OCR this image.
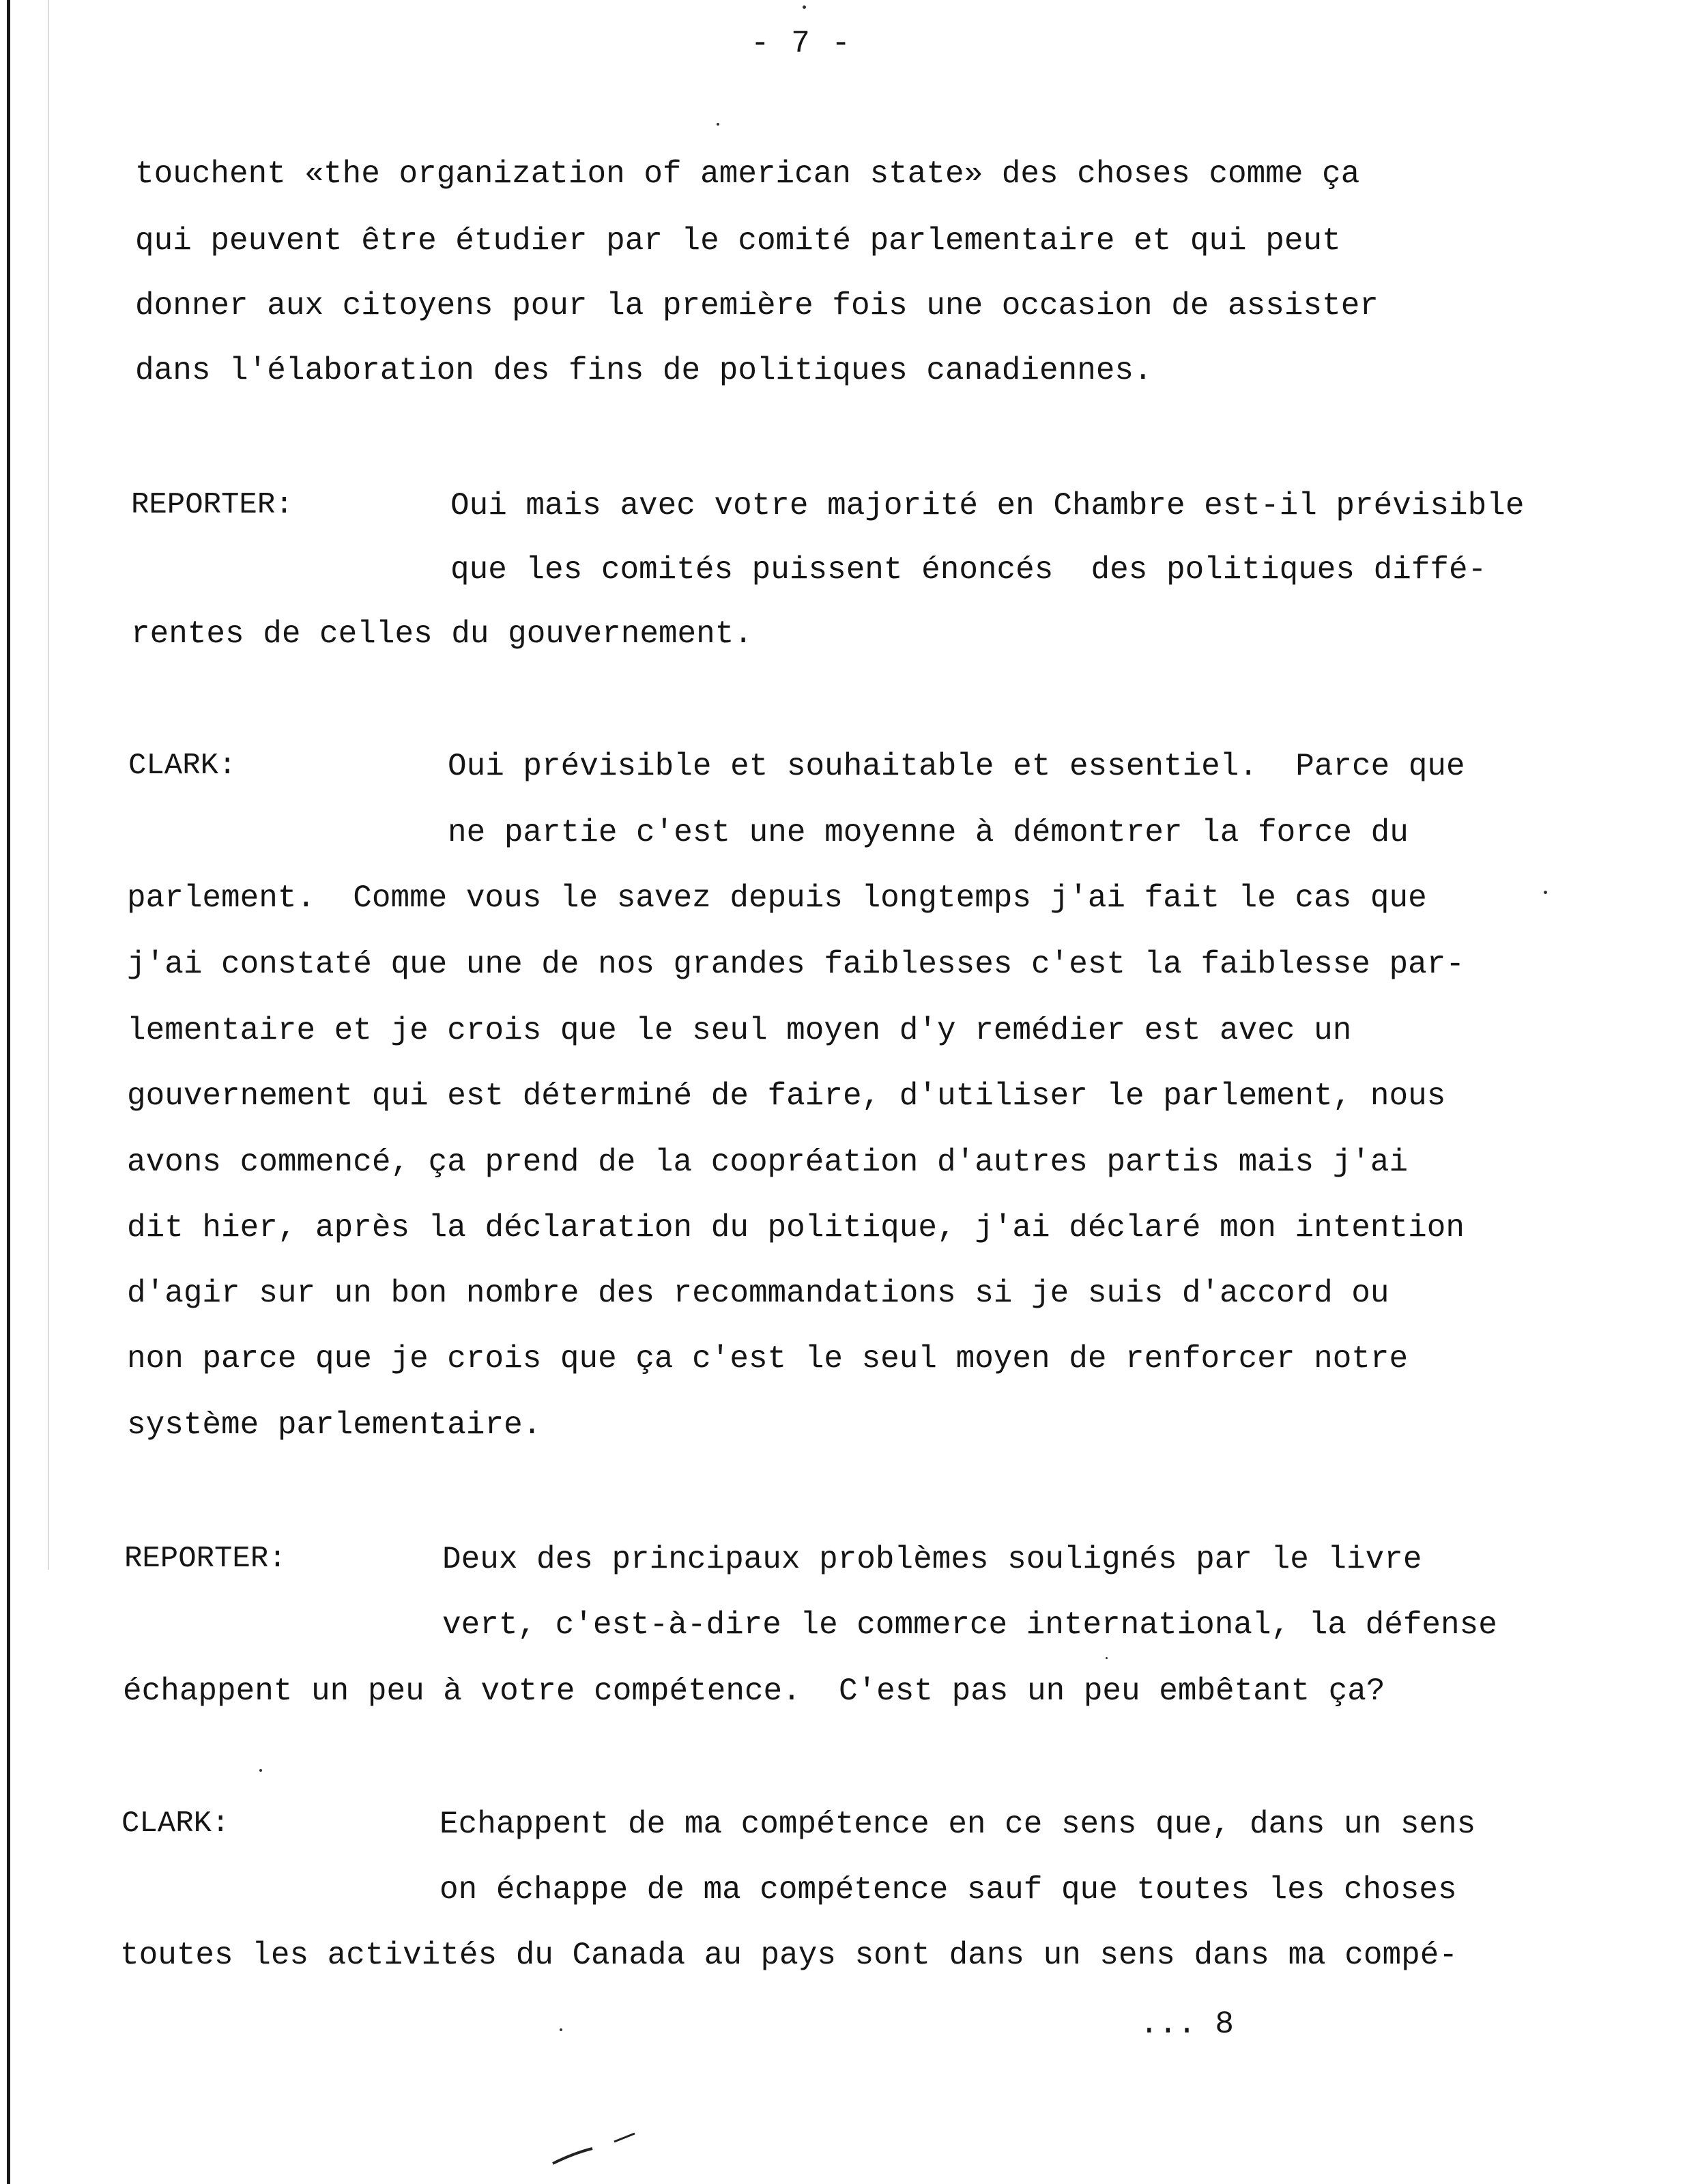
- 7 -
touchent «the organization of american state» des choses comme ça
qui peuvent être étudier par le comité parlementaire et qui peut
donner aux citoyens pour la première fois une occasion de assister
dans l'élaboration des fins de politiques canadiennes.
REPORTER:	Oui mais avec votre majorité en Chambre est-il prévisible
que les comités puissent énoncés  des politiques diffé-
rentes de celles du gouvernement.
CLARK:	Oui prévisible et souhaitable et essentiel.  Parce que
ne partie c'est une moyenne à démontrer la force du
parlement.  Comme vous le savez depuis longtemps j'ai fait le cas que
j'ai constaté que une de nos grandes faiblesses c'est la faiblesse par-
lementaire et je crois que le seul moyen d'y remédier est avec un
gouvernement qui est déterminé de faire, d'utiliser le parlement, nous
avons commencé, ça prend de la coopréation d'autres partis mais j'ai
dit hier, après la déclaration du politique, j'ai déclaré mon intention
d'agir sur un bon nombre des recommandations si je suis d'accord ou
non parce que je crois que ça c'est le seul moyen de renforcer notre
système parlementaire.
REPORTER:	Deux des principaux problèmes soulignés par le livre
vert, c'est-à-dire le commerce international, la défense
échappent un peu à votre compétence.  C'est pas un peu embêtant ça?
CLARK:	Echappent de ma compétence en ce sens que, dans un sens
on échappe de ma compétence sauf que toutes les choses
toutes les activités du Canada au pays sont dans un sens dans ma compé-
... 8
